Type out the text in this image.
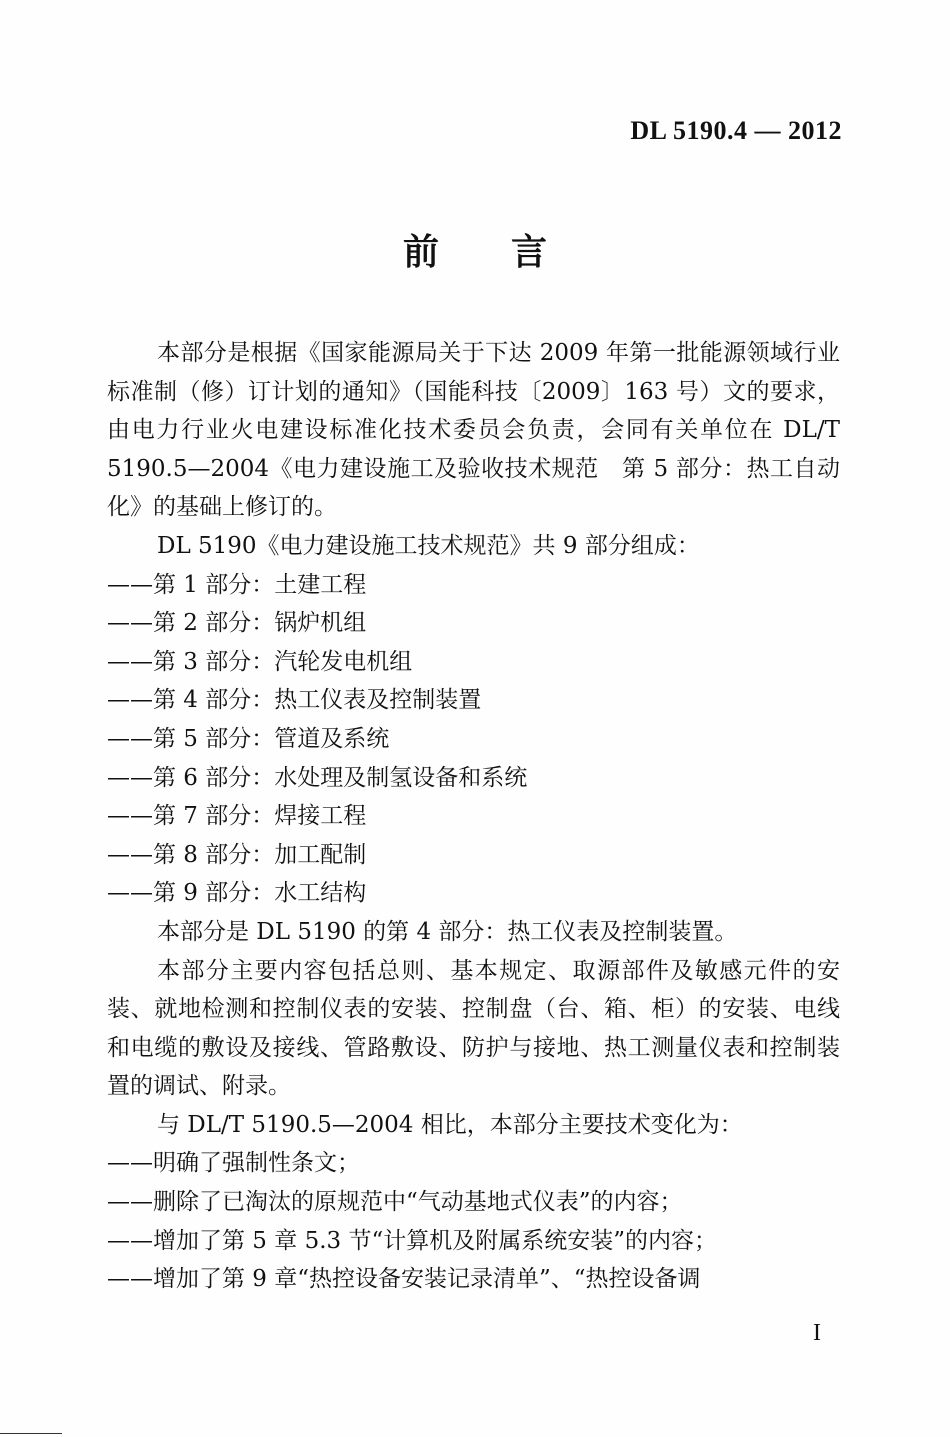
DL 5190.4 — 2012
前言

本部分是根据《国家能源局关于下达 2009 年第一批能源领域行业标准制（修）订计划的通知》（国能科技〔2009〕163 号）文的要求，由电力行业火电建设标准化技术委员会负责，会同有关单位在 DL/T 5190.5—2004《电力建设施工及验收技术规范　第 5 部分：热工自动化》的基础上修订的。

DL 5190《电力建设施工技术规范》共 9 部分组成：

——第 1 部分：土建工程

——第 2 部分：锅炉机组

——第 3 部分：汽轮发电机组

——第 4 部分：热工仪表及控制装置

——第 5 部分：管道及系统

——第 6 部分：水处理及制氢设备和系统

——第 7 部分：焊接工程

——第 8 部分：加工配制

——第 9 部分：水工结构

本部分是 DL 5190 的第 4 部分：热工仪表及控制装置。

本部分主要内容包括总则、基本规定、取源部件及敏感元件的安装、就地检测和控制仪表的安装、控制盘（台、箱、柜）的安装、电线和电缆的敷设及接线、管路敷设、防护与接地、热工测量仪表和控制装置的调试、附录。

与 DL/T 5190.5—2004 相比，本部分主要技术变化为：

——明确了强制性条文；

——删除了已淘汰的原规范中“气动基地式仪表”的内容；

——增加了第 5 章 5.3 节“计算机及附属系统安装”的内容；

——增加了第 9 章“热控设备安装记录清单”、“热控设备调

I
